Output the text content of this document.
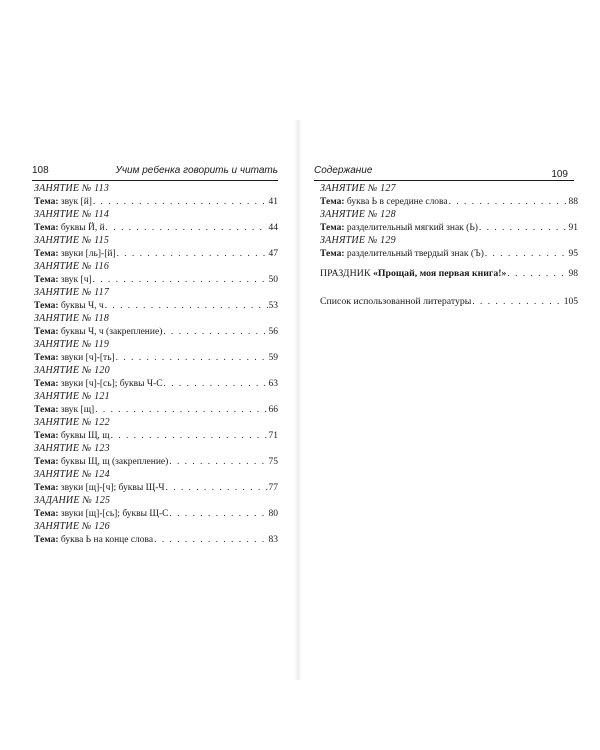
108	Учим ребенка говорить и читать
ЗАНЯТИЕ № 113
Тема:
звук [й] . . .	41
ЗАНЯТИЕ № 114
Тема:
буквы Й, й . . .	44
ЗАНЯТИЕ № 115
Тема:
звуки [ль]-[й] . . .	47
ЗАНЯТИЕ № 116
Тема:
звук [ч] . . .	50
ЗАНЯТИЕ № 117
Тема:
буквы Ч, ч . . .	53
ЗАНЯТИЕ № 118
Тема:
буквы Ч, ч (закрепление) . . .	56
ЗАНЯТИЕ № 119
Тема:
звуки [ч]-[ть] . . .	59
ЗАНЯТИЕ № 120
Тема:
звуки [ч]-[сь]; буквы Ч-С . . .	63
ЗАНЯТИЕ № 121
Тема:
звук [щ] . . .	66
ЗАНЯТИЕ № 122
Тема:
буквы Щ, щ . . .	71
ЗАНЯТИЕ № 123
Тема:
буквы Щ, щ (закрепление) . . .	75
ЗАНЯТИЕ № 124
Тема:
звуки [щ]-[ч]; буквы Щ-Ч . . .	77
ЗАДАНИЕ № 125
Тема:
звуки [щ]-[сь]; буквы Щ-С . . .	80
ЗАНЯТИЕ № 126
Тема:
буква Ь на конце слова . . .	83
Содержание	109
ЗАНЯТИЕ № 127
Тема:
буква Ь в середине слова . . .	88
ЗАНЯТИЕ № 128
Тема:
разделительный мягкий знак (Ь) . . .	91
ЗАНЯТИЕ № 129
Тема:
разделительный твердый знак (Ъ) . . .	95
ПРАЗДНИК
«Прощай, моя первая книга!» . . .	98
Список использованной литературы . . .	105
